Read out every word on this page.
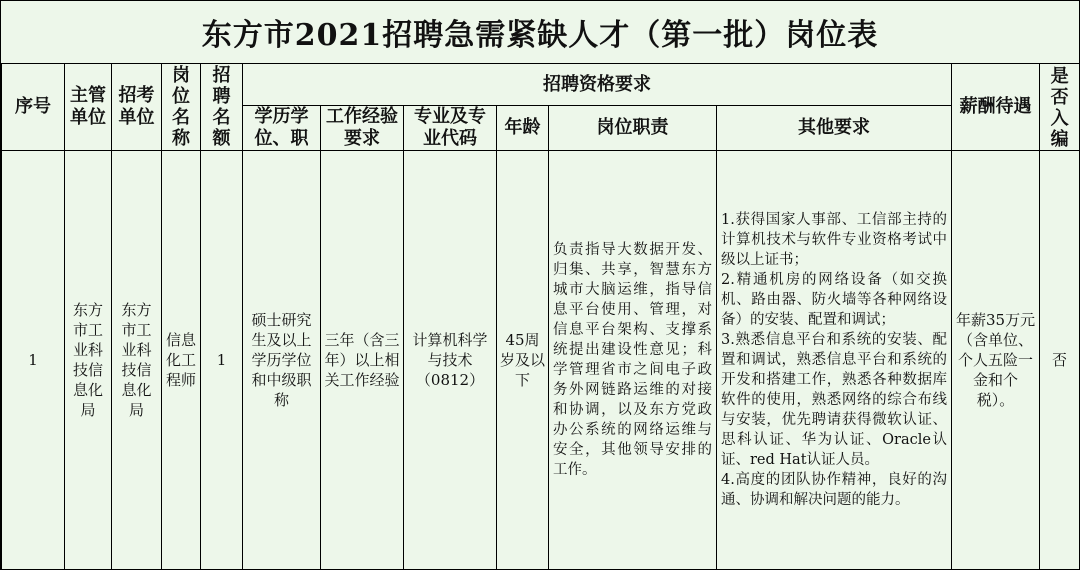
东方市2021招聘急需紧缺人才（第一批）岗位表
序号	主管单位	招考单位	岗位名称	招聘名额	招聘资格要求						薪酬待遇	是否入编
					学历学位、职	工作经验要求	专业及专业代码	年龄	岗位职责	其他要求		
1	东方市工业科技信息化局	东方市工业科技信息化局	信息化工程师	1	硕士研究生及以上学历学位和中级职称	三年（含三年）以上相关工作经验	计算机科学与技术（0812）	45周岁及以下	负责指导大数据开发、归集、共享，智慧东方城市大脑运维，指导信息平台使用、管理，对信息平台架构、支撑系统提出建设性意见；科学管理省市之间电子政务外网链路运维的对接和协调，以及东方党政办公系统的网络运维与安全，其他领导安排的工作。	1.获得国家人事部、工信部主持的计算机技术与软件专业资格考试中级以上证书；
2.精通机房的网络设备（如交换机、路由器、防火墙等各种网络设备）的安装、配置和调试；
3.熟悉信息平台和系统的安装、配置和调试，熟悉信息平台和系统的开发和搭建工作，熟悉各种数据库软件的使用，熟悉网络的综合布线与安装，优先聘请获得微软认证、思科认证、华为认证、Oracle认证、red Hat认证人员。
4.高度的团队协作精神，良好的沟通、协调和解决问题的能力。	年薪35万元（含单位、个人五险一金和个税）。	否
